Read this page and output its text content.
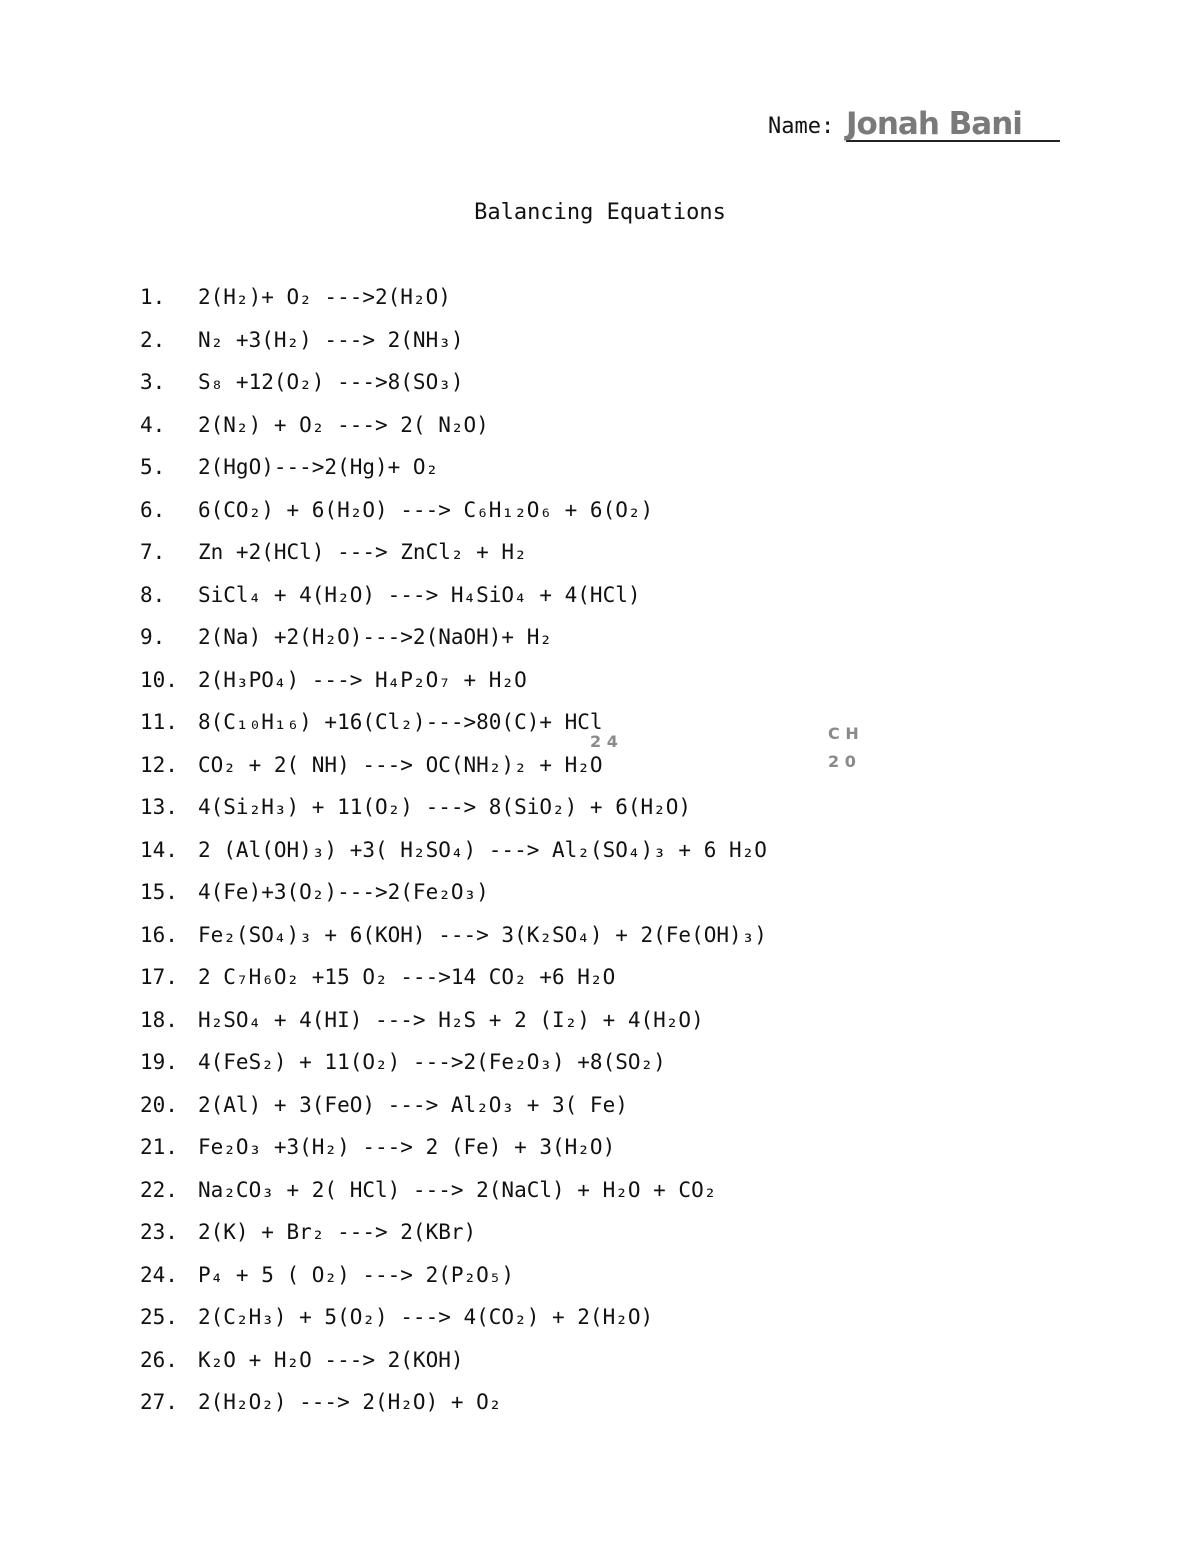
Name: Jonah Bani
Balancing Equations
1. 2(H₂)+ O₂ --->2(H₂O)
2. N₂ +3(H₂) ---> 2(NH₃)
3. S₈ +12(O₂) --->8(SO₃)
4. 2(N₂) + O₂ ---> 2( N₂O)
5. 2(HgO)--->2(Hg)+ O₂
6. 6(CO₂) + 6(H₂O) ---> C₆H₁₂O₆ + 6(O₂)
7. Zn +2(HCl) ---> ZnCl₂ + H₂
8. SiCl₄ + 4(H₂O) ---> H₄SiO₄ + 4(HCl)
9. 2(Na) +2(H₂O)--->2(NaOH)+ H₂
10. 2(H₃PO₄) ---> H₄P₂O₇ + H₂O
11. 8(C₁₀H₁₆) +16(Cl₂)--->80(C)+ HCl
12. CO₂ + 2( NH) ---> OC(NH₂)₂ + H₂O
13. 4(Si₂H₃) + 11(O₂) ---> 8(SiO₂) + 6(H₂O)
14. 2 (Al(OH)₃) +3( H₂SO₄) ---> Al₂(SO₄)₃ + 6 H₂O
15. 4(Fe)+3(O₂)--->2(Fe₂O₃)
16. Fe₂(SO₄)₃ + 6(KOH) ---> 3(K₂SO₄) + 2(Fe(OH)₃)
17. 2 C₇H₆O₂ +15 O₂ --->14 CO₂ +6 H₂O
18. H₂SO₄ + 4(HI) ---> H₂S + 2 (I₂) + 4(H₂O)
19. 4(FeS₂) + 11(O₂) --->2(Fe₂O₃) +8(SO₂)
20. 2(Al) + 3(FeO) ---> Al₂O₃ + 3( Fe)
21. Fe₂O₃ +3(H₂) ---> 2 (Fe) + 3(H₂O)
22. Na₂CO₃ + 2( HCl) ---> 2(NaCl) + H₂O + CO₂
23. 2(K) + Br₂ ---> 2(KBr)
24. P₄ + 5 ( O₂) ---> 2(P₂O₅)
25. 2(C₂H₃) + 5(O₂) ---> 4(CO₂) + 2(H₂O)
26. K₂O + H₂O ---> 2(KOH)
27. 2(H₂O₂) ---> 2(H₂O) + O₂
2 4	C H
2 0
